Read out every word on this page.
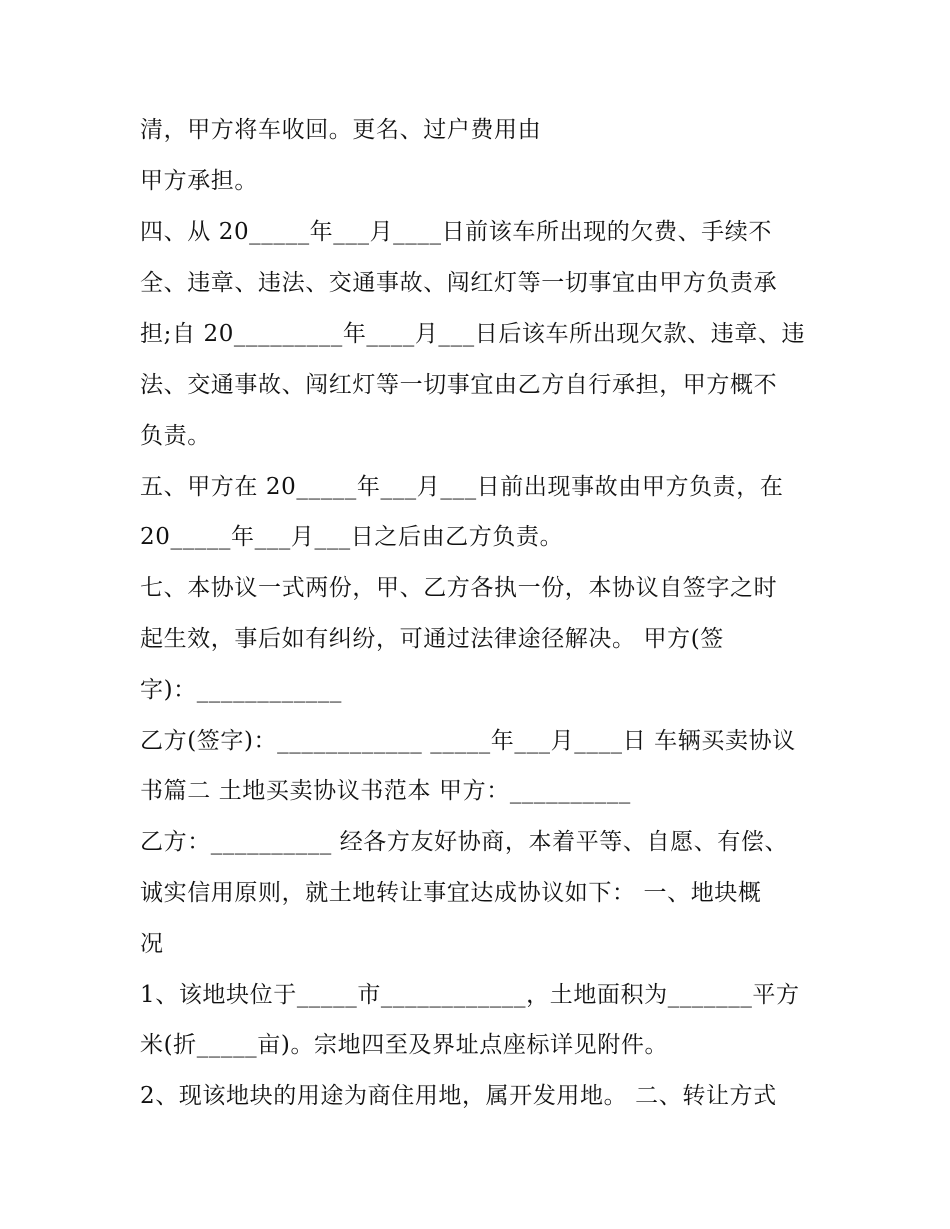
清，甲方将车收回。更名、过户费用由

甲方承担。

四、从 20_____年___月____日前该车所出现的欠费、手续不

全、违章、违法、交通事故、闯红灯等一切事宜由甲方负责承

担;自 20_________年____月___日后该车所出现欠款、违章、违

法、交通事故、闯红灯等一切事宜由乙方自行承担，甲方概不

负责。

五、甲方在 20_____年___月___日前出现事故由甲方负责，在

20_____年___月___日之后由乙方负责。

七、本协议一式两份，甲、乙方各执一份，本协议自签字之时

起生效，事后如有纠纷，可通过法律途径解决。 甲方(签

字)：____________

乙方(签字)：____________ _____年___月____日 车辆买卖协议

书篇二 土地买卖协议书范本 甲方：__________

乙方：__________ 经各方友好协商，本着平等、自愿、有偿、

诚实信用原则，就土地转让事宜达成协议如下： 一、地块概

况

1、该地块位于_____市____________，土地面积为_______平方

米(折_____亩)。宗地四至及界址点座标详见附件。

2、现该地块的用途为商住用地，属开发用地。 二、转让方式
